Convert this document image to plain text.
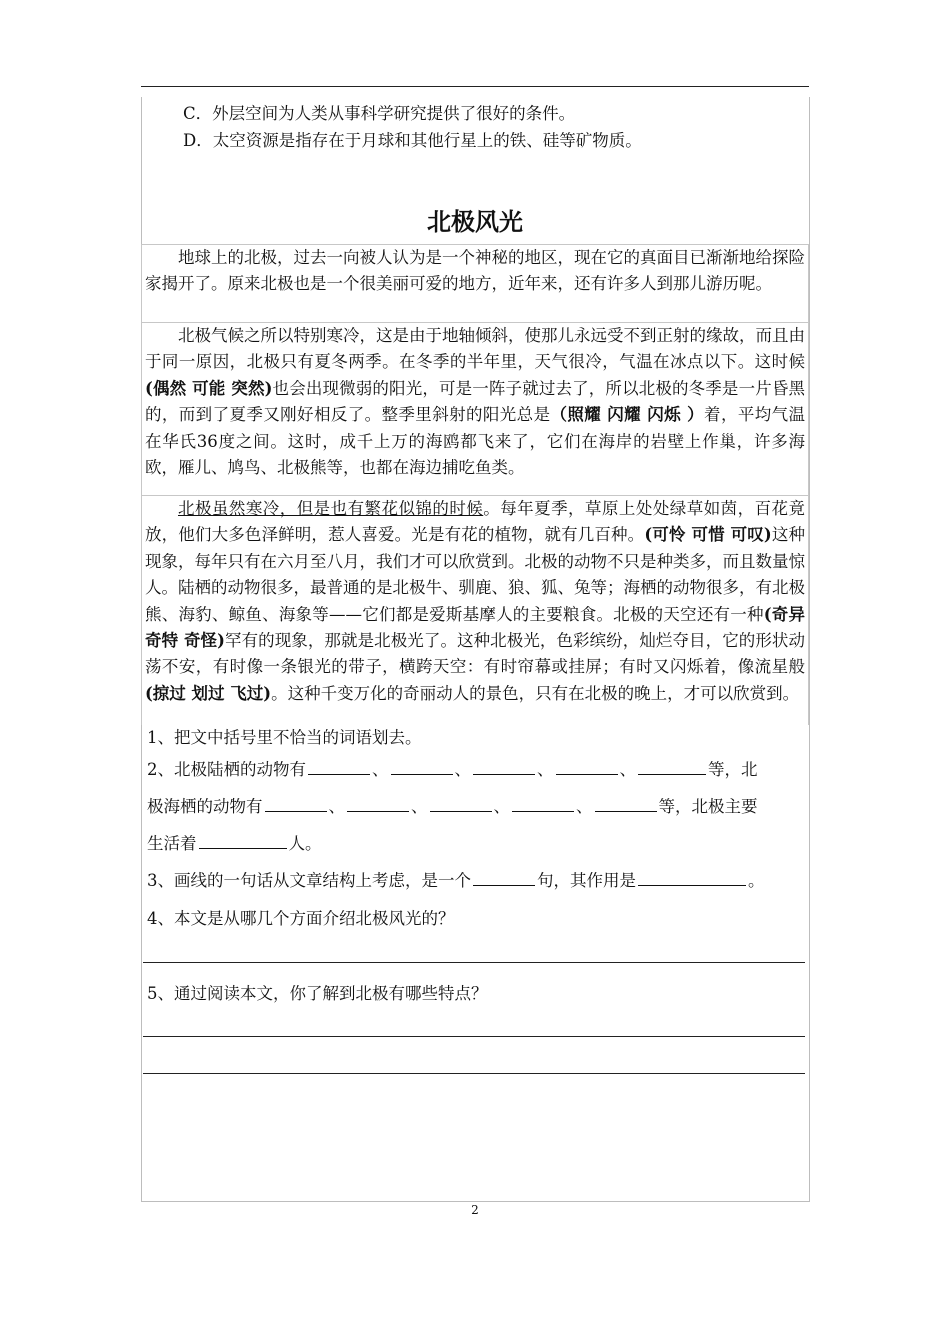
C．外层空间为人类从事科学研究提供了很好的条件。
D．太空资源是指存在于月球和其他行星上的铁、硅等矿物质。
北极风光
地球上的北极，过去一向被人认为是一个神秘的地区，现在它的真面目已渐渐地给探险家揭开了。原来北极也是一个很美丽可爱的地方，近年来，还有许多人到那儿游历呢。
北极气候之所以特别寒冷，这是由于地轴倾斜，使那儿永远受不到正射的缘故，而且由于同一原因，北极只有夏冬两季。在冬季的半年里，天气很冷，气温在冰点以下。这时候(偶然 可能 突然)也会出现微弱的阳光，可是一阵子就过去了，所以北极的冬季是一片昏黑的，而到了夏季又刚好相反了。整季里斜射的阳光总是（照耀 闪耀 闪烁 ）着，平均气温在华氏36度之间。这时，成千上万的海鸥都飞来了，它们在海岸的岩壁上作巢，许多海欧，雁儿、鸠鸟、北极熊等，也都在海边捕吃鱼类。
北极虽然寒冷，但是也有繁花似锦的时候。每年夏季，草原上处处绿草如茵，百花竟放，他们大多色泽鲜明，惹人喜爱。光是有花的植物，就有几百种。(可怜 可惜 可叹)这种现象，每年只有在六月至八月，我们才可以欣赏到。北极的动物不只是种类多，而且数量惊人。陆栖的动物很多，最普通的是北极牛、驯鹿、狼、狐、兔等；海栖的动物很多，有北极熊、海豹、鲸鱼、海象等——它们都是爱斯基摩人的主要粮食。北极的天空还有一种(奇异 奇特 奇怪)罕有的现象，那就是北极光了。这种北极光，色彩缤纷，灿烂夺目，它的形状动荡不安，有时像一条银光的带子，横跨天空：有时帘幕或挂屏；有时又闪烁着，像流星般(掠过 划过 飞过)。这种千变万化的奇丽动人的景色，只有在北极的晚上，才可以欣赏到。
1、把文中括号里不恰当的词语划去。
2、北极陆栖的动物有	、	、	、	、	等，北
极海栖的动物有	、	、	、	、	等，北极主要
生活着	人。
3、画线的一句话从文章结构上考虑，是一个	句，其作用是	。
4、本文是从哪几个方面介绍北极风光的？
5、通过阅读本文，你了解到北极有哪些特点？
2
